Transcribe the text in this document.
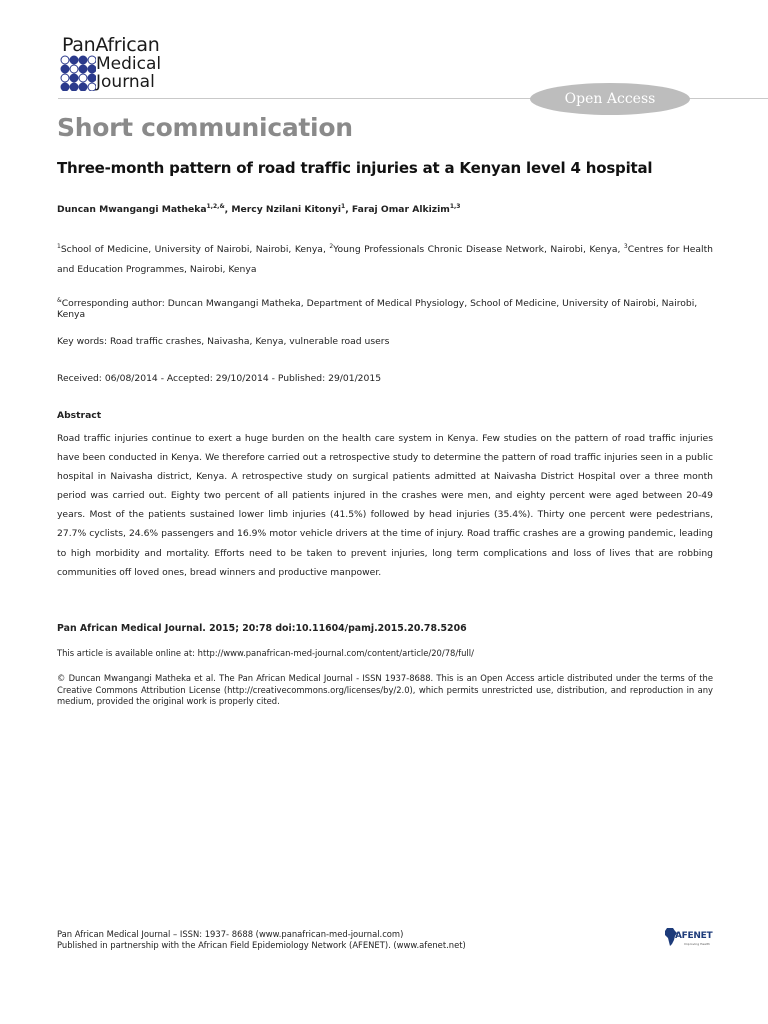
PanAfrican
Medical
Journal
Open Access
Short communication
Three-month pattern of road traffic injuries at a Kenyan level 4 hospital
Duncan Mwangangi Matheka$^{1,2,\&}$, Mercy Nzilani Kitonyi$^1$, Faraj Omar Alkizim$^{1,3}$
$^1$School of Medicine, University of Nairobi, Nairobi, Kenya, $^2$Young Professionals Chronic Disease Network, Nairobi, Kenya, $^3$Centres for Health and Education Programmes, Nairobi, Kenya
&Corresponding author: Duncan Mwangangi Matheka, Department of Medical Physiology, School of Medicine, University of Nairobi, Nairobi, Kenya
Key words: Road traffic crashes, Naivasha, Kenya, vulnerable road users
Received: 06/08/2014 - Accepted: 29/10/2014 - Published: 29/01/2015
Abstract
Road traffic injuries continue to exert a huge burden on the health care system in Kenya. Few studies on the pattern of road traffic injuries have been conducted in Kenya. We therefore carried out a retrospective study to determine the pattern of road traffic injuries seen in a public hospital in Naivasha district, Kenya. A retrospective study on surgical patients admitted at Naivasha District Hospital over a three month period was carried out. Eighty two percent of all patients injured in the crashes were men, and eighty percent were aged between 20-49 years. Most of the patients sustained lower limb injuries (41.5%) followed by head injuries (35.4%). Thirty one percent were pedestrians, 27.7% cyclists, 24.6% passengers and 16.9% motor vehicle drivers at the time of injury. Road traffic crashes are a growing pandemic, leading to high morbidity and mortality. Efforts need to be taken to prevent injuries, long term complications and loss of lives that are robbing communities off loved ones, bread winners and productive manpower.
Pan African Medical Journal. 2015; 20:78 doi:10.11604/pamj.2015.20.78.5206
This article is available online at: http://www.panafrican-med-journal.com/content/article/20/78/full/
© Duncan Mwangangi Matheka et al. The Pan African Medical Journal - ISSN 1937-8688. This is an Open Access article distributed under the terms of the Creative Commons Attribution License (http://creativecommons.org/licenses/by/2.0), which permits unrestricted use, distribution, and reproduction in any medium, provided the original work is properly cited.
Pan African Medical Journal – ISSN: 1937- 8688 (www.panafrican-med-journal.com)
Published in partnership with the African Field Epidemiology Network (AFENET). (www.afenet.net)
AFENET
Improving Health
